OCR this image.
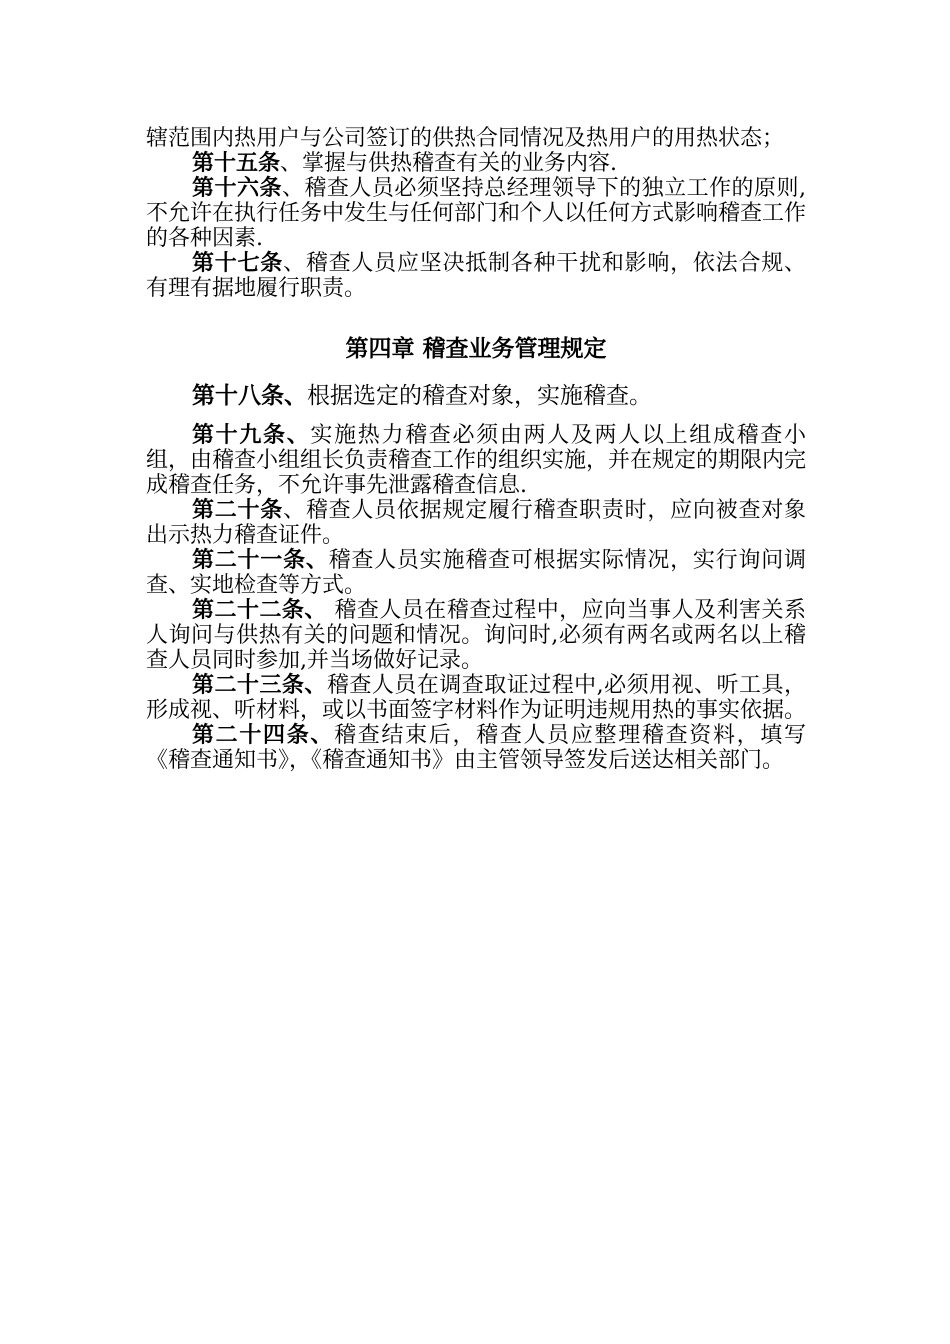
辖范围内热用户与公司签订的供热合同情况及热用户的用热状态；

第十五条、掌握与供热稽查有关的业务内容.

第十六条、稽查人员必须坚持总经理领导下的独立工作的原则,不允许在执行任务中发生与任何部门和个人以任何方式影响稽查工作的各种因素.

第十七条、稽查人员应坚决抵制各种干扰和影响，依法合规、有理有据地履行职责。

第四章 稽查业务管理规定

第十八条、根据选定的稽查对象，实施稽查。

第十九条、实施热力稽查必须由两人及两人以上组成稽查小组，由稽查小组组长负责稽查工作的组织实施，并在规定的期限内完成稽查任务，不允许事先泄露稽查信息.

第二十条、稽查人员依据规定履行稽查职责时，应向被查对象出示热力稽查证件。

第二十一条、稽查人员实施稽查可根据实际情况，实行询问调查、实地检查等方式。

第二十二条、 稽查人员在稽查过程中，应向当事人及利害关系人询问与供热有关的问题和情况。询问时,必须有两名或两名以上稽查人员同时参加,并当场做好记录。

第二十三条、稽查人员在调查取证过程中,必须用视、听工具，形成视、听材料，或以书面签字材料作为证明违规用热的事实依据。

第二十四条、稽查结束后，稽查人员应整理稽查资料，填写《稽查通知书》，《稽查通知书》由主管领导签发后送达相关部门。
